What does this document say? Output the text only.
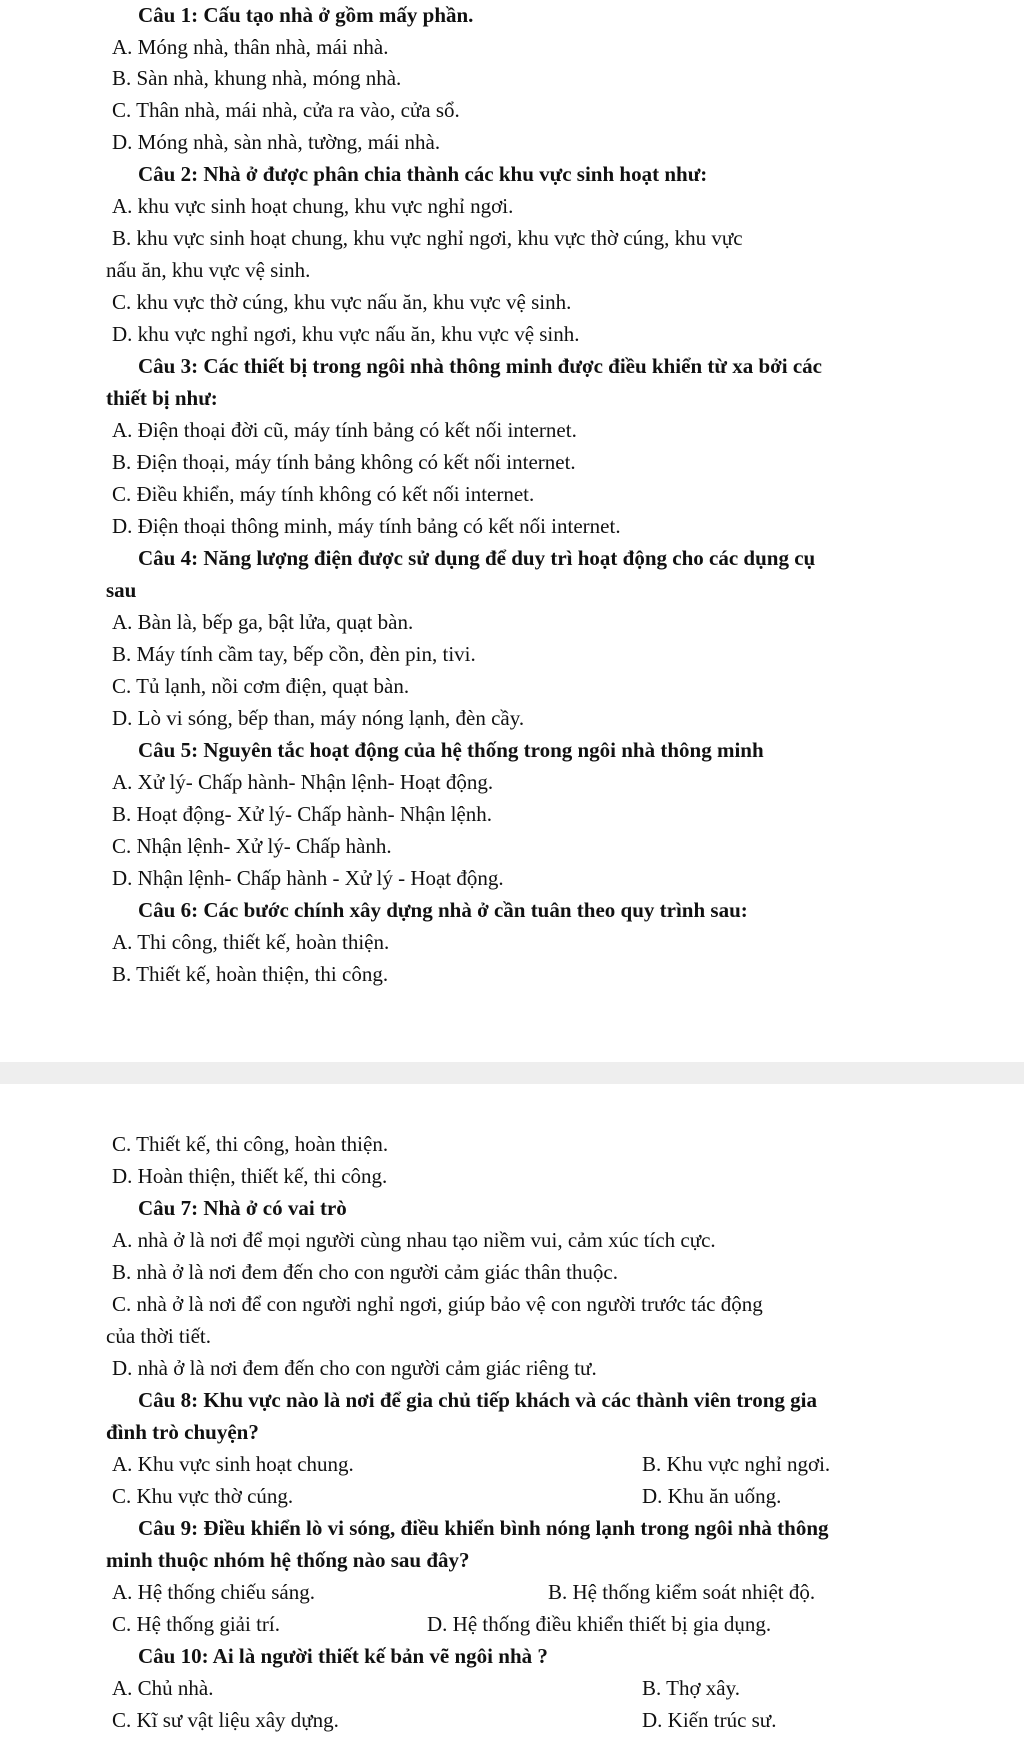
Câu 1: Cấu tạo nhà ở gồm mấy phần.
A. Móng nhà, thân nhà, mái nhà.
B. Sàn nhà, khung nhà, móng nhà.
C. Thân nhà, mái nhà, cửa ra vào, cửa sổ.
D. Móng nhà, sàn nhà, tường, mái nhà.
Câu 2: Nhà ở được phân chia thành các khu vực sinh hoạt như:
A. khu vực sinh hoạt chung, khu vực nghỉ ngơi.
B. khu vực sinh hoạt chung, khu vực nghỉ ngơi, khu vực thờ cúng, khu vực
nấu ăn, khu vực vệ sinh.
C. khu vực thờ cúng, khu vực nấu ăn, khu vực vệ sinh.
D. khu vực nghỉ ngơi, khu vực nấu ăn, khu vực vệ sinh.
Câu 3: Các thiết bị trong ngôi nhà thông minh được điều khiển từ xa bởi các
thiết bị như:
A. Điện thoại đời cũ, máy tính bảng có kết nối internet.
B. Điện thoại, máy tính bảng không có kết nối internet.
C. Điều khiển, máy tính không có kết nối internet.
D. Điện thoại thông minh, máy tính bảng có kết nối internet.
Câu 4: Năng lượng điện được sử dụng để duy trì hoạt động cho các dụng cụ
sau
A. Bàn là, bếp ga, bật lửa, quạt bàn.
B. Máy tính cầm tay, bếp cồn, đèn pin, tivi.
C. Tủ lạnh, nồi cơm điện, quạt bàn.
D. Lò vi sóng, bếp than, máy nóng lạnh, đèn cầy.
Câu 5: Nguyên tắc hoạt động của hệ thống trong ngôi nhà thông minh
A. Xử lý- Chấp hành- Nhận lệnh- Hoạt động.
B. Hoạt động- Xử lý- Chấp hành- Nhận lệnh.
C. Nhận lệnh- Xử lý- Chấp hành.
D. Nhận lệnh- Chấp hành - Xử lý - Hoạt động.
Câu 6: Các bước chính xây dựng nhà ở cần tuân theo quy trình sau:
A. Thi công, thiết kế, hoàn thiện.
B. Thiết kế, hoàn thiện, thi công.
C. Thiết kế, thi công, hoàn thiện.
D. Hoàn thiện, thiết kế, thi công.
Câu 7: Nhà ở có vai trò
A. nhà ở là nơi để mọi người cùng nhau tạo niềm vui, cảm xúc tích cực.
B. nhà ở là nơi đem đến cho con người cảm giác thân thuộc.
C. nhà ở là nơi để con người nghỉ ngơi, giúp bảo vệ con người trước tác động
của thời tiết.
D. nhà ở là nơi đem đến cho con người cảm giác riêng tư.
Câu 8: Khu vực nào là nơi để gia chủ tiếp khách và các thành viên trong gia
đình trò chuyện?
A. Khu vực sinh hoạt chung.	B. Khu vực nghỉ ngơi.
C. Khu vực thờ cúng.	D. Khu ăn uống.
Câu 9: Điều khiển lò vi sóng, điều khiển bình nóng lạnh trong ngôi nhà thông
minh thuộc nhóm hệ thống nào sau đây?
A. Hệ thống chiếu sáng.	B. Hệ thống kiểm soát nhiệt độ.
C. Hệ thống giải trí.	D. Hệ thống điều khiển thiết bị gia dụng.
Câu 10: Ai là người thiết kế bản vẽ ngôi nhà ?
A. Chủ nhà.	B. Thợ xây.
C. Kĩ sư vật liệu xây dựng.	D. Kiến trúc sư.
